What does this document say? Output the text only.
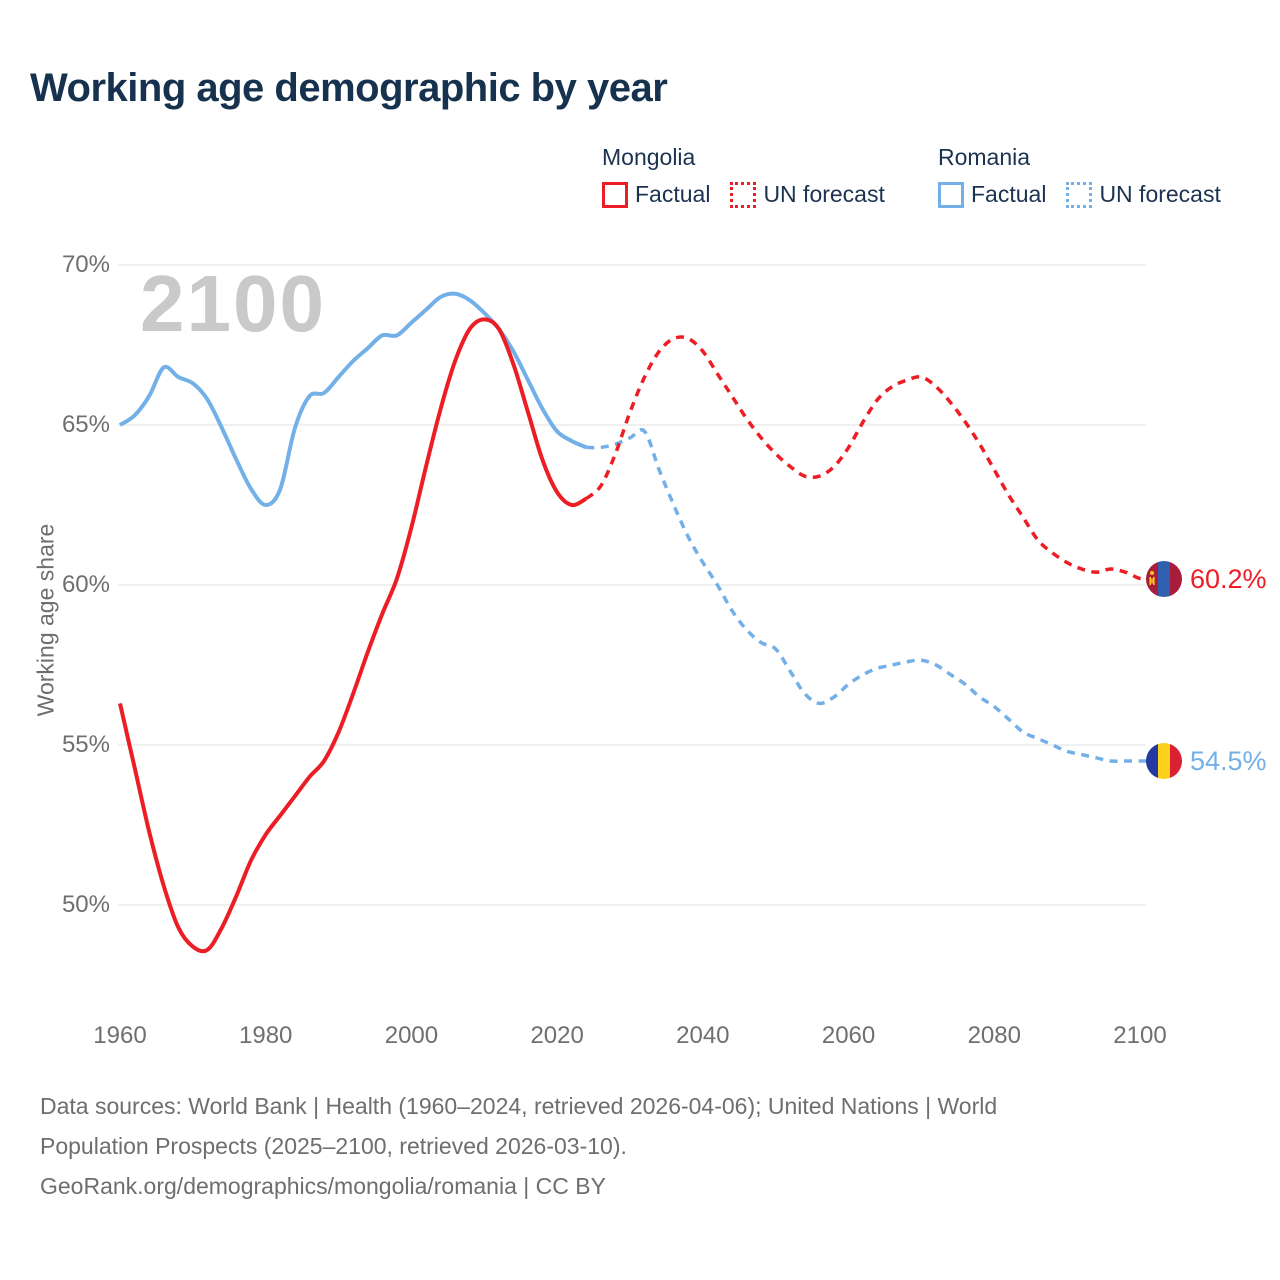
Working age demographic by year
Mongolia
Factual UN forecast
Romania
Factual UN forecast
2100
Working age share
70%
65%
60%
55%
50%
1960	1980	2000	2020	2040	2060	2080	2100
60.2%
54.5%
Data sources: World Bank | Health (1960–2024, retrieved 2026-04-06); United Nations | World
Population Prospects (2025–2100, retrieved 2026-03-10).
GeoRank.org/demographics/mongolia/romania | CC BY
